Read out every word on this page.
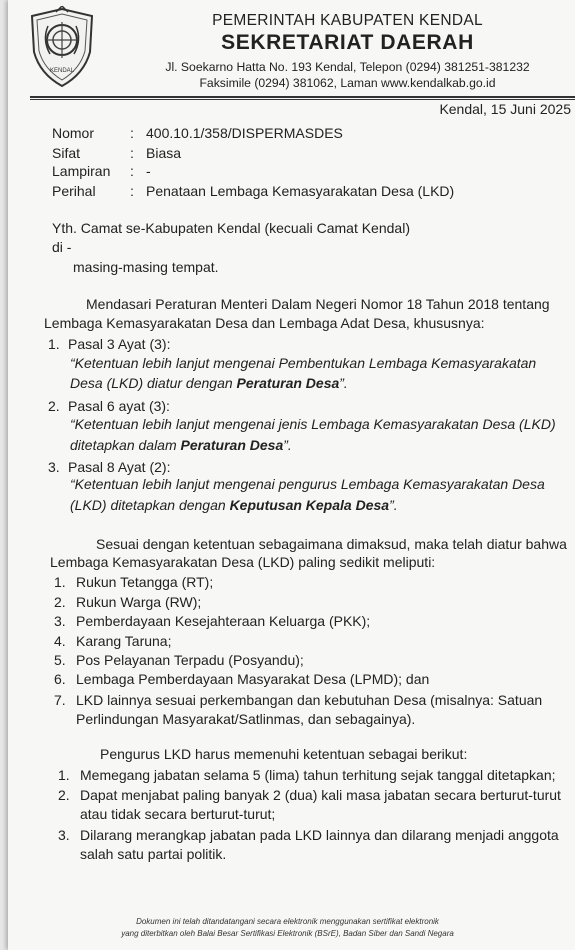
KENDAL
PEMERINTAH KABUPATEN KENDAL
SEKRETARIAT DAERAH
Jl. Soekarno Hatta No. 193 Kendal, Telepon (0294) 381251-381232
Faksimile (0294) 381062, Laman www.kendalkab.go.id
Kendal, 15 Juni 2025
Nomor	: 400.10.1/358/DISPERMASDES
Sifat	: Biasa
Lampiran : -
Perihal : Penataan Lembaga Kemasyarakatan Desa (LKD)
Yth. Camat se-Kabupaten Kendal (kecuali Camat Kendal)
di -
masing-masing tempat.
Mendasari Peraturan Menteri Dalam Negeri Nomor 18 Tahun 2018 tentang
Lembaga Kemasyarakatan Desa dan Lembaga Adat Desa, khususnya:
1. Pasal 3 Ayat (3):
“Ketentuan lebih lanjut mengenai Pembentukan Lembaga Kemasyarakatan
Desa (LKD) diatur dengan Peraturan Desa”.
2. Pasal 6 ayat (3):
“Ketentuan lebih lanjut mengenai jenis Lembaga Kemasyarakatan Desa (LKD)
ditetapkan dalam Peraturan Desa”.
3. Pasal 8 Ayat (2):
“Ketentuan lebih lanjut mengenai pengurus Lembaga Kemasyarakatan Desa
(LKD) ditetapkan dengan Keputusan Kepala Desa”.
Sesuai dengan ketentuan sebagaimana dimaksud, maka telah diatur bahwa
Lembaga Kemasyarakatan Desa (LKD) paling sedikit meliputi:
1. Rukun Tetangga (RT);
2. Rukun Warga (RW);
3. Pemberdayaan Kesejahteraan Keluarga (PKK);
4. Karang Taruna;
5. Pos Pelayanan Terpadu (Posyandu);
6. Lembaga Pemberdayaan Masyarakat Desa (LPMD); dan
7. LKD lainnya sesuai perkembangan dan kebutuhan Desa (misalnya: Satuan
Perlindungan Masyarakat/Satlinmas, dan sebagainya).
Pengurus LKD harus memenuhi ketentuan sebagai berikut:
1. Memegang jabatan selama 5 (lima) tahun terhitung sejak tanggal ditetapkan;
2. Dapat menjabat paling banyak 2 (dua) kali masa jabatan secara berturut-turut
atau tidak secara berturut-turut;
3. Dilarang merangkap jabatan pada LKD lainnya dan dilarang menjadi anggota
salah satu partai politik.
Dokumen ini telah ditandatangani secara elektronik menggunakan sertifikat elektronik
yang diterbitkan oleh Balai Besar Sertifikasi Elektronik (BSrE), Badan Siber dan Sandi Negara
